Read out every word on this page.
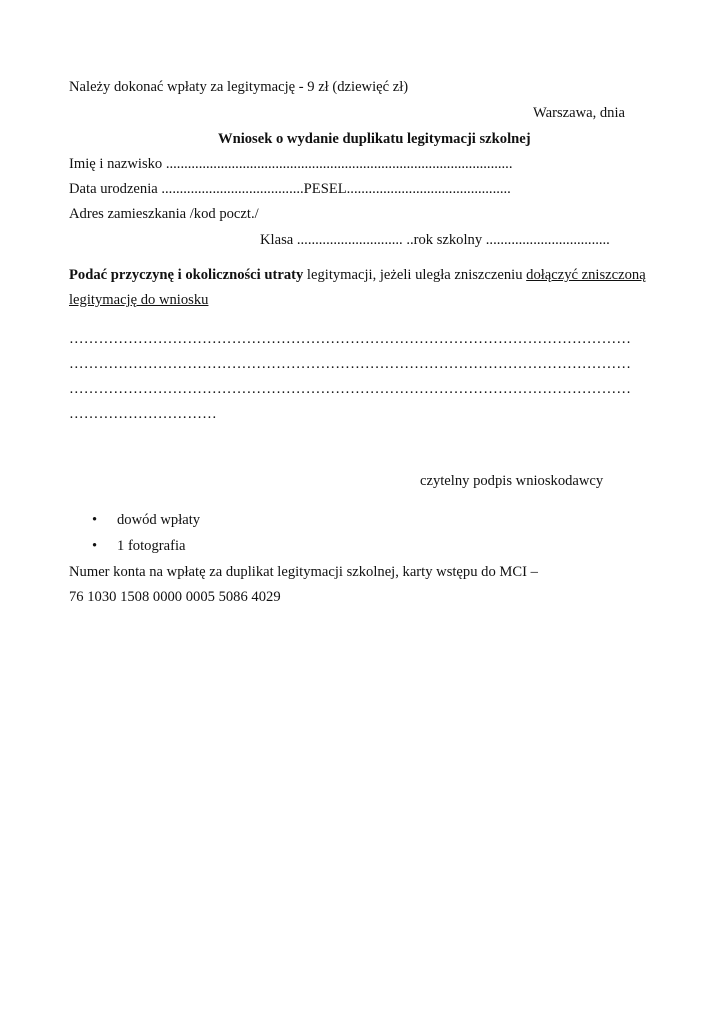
Należy dokonać wpłaty za legitymację - 9 zł (dziewięć zł)
Warszawa, dnia
Wniosek o wydanie duplikatu legitymacji szkolnej
Imię i nazwisko ...............................................................................................
Data urodzenia .......................................PESEL.............................................
Adres zamieszkania /kod poczt./
Klasa ............................. ..rok szkolny ..................................
Podać przyczynę i okoliczności utraty legitymacji, jeżeli uległa zniszczeniu dołączyć zniszczoną
legitymację do wniosku
……………………………………………………………………………………………………
……………………………………………………………………………………………………
……………………………………………………………………………………………………
…………………………
czytelny podpis wnioskodawcy
• dowód wpłaty
• 1 fotografia
Numer konta na wpłatę za duplikat legitymacji szkolnej, karty wstępu do MCI –
76 1030 1508 0000 0005 5086 4029
